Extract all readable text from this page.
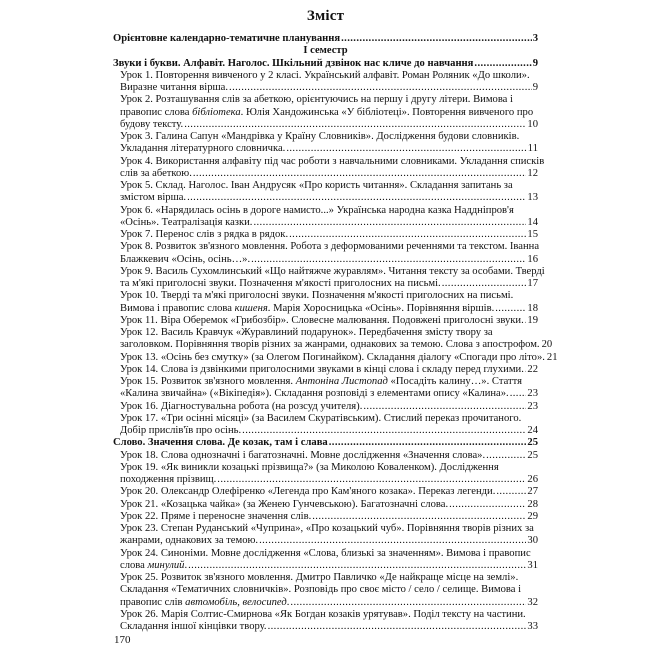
Зміст
Орієнтовне календарно-тематичне планування .....	3
I семестр
Звуки і букви. Алфавіт. Наголос. Шкільний дзвінок нас кличе до навчання .....	9
Урок 1. Повторення вивченого у 2 класі. Український алфавіт. Роман Роляник «До школи».
Виразне читання вірша. .....	9
Урок 2. Розташування слів за абеткою, орієнтуючись на першу і другу літери. Вимова і
правопис слова бібліотека. Юлія Хандожинська «У бібліотеці». Повторення вивченого про
будову тексту. .....	10
Урок 3. Галина Сапун «Мандрівка у Країну Словників». Дослідження будови словників.
Укладання літературного словничка. .....	11
Урок 4. Використання алфавіту під час роботи з навчальними словниками. Укладання списків
слів за абеткою. .....	12
Урок 5. Склад. Наголос. Іван Андрусяк «Про користь читання». Складання запитань за
змістом вірша. .....	13
Урок 6. «Нарядилась осінь в дороге намисто...» Українська народна казка Наддніпров'я
«Осінь». Театралізація казки. .....	14
Урок 7. Перенос слів з рядка в рядок. .....	15
Урок 8. Розвиток зв'язного мовлення. Робота з деформованими реченнями та текстом. Іванна
Блажкевич «Осінь, осінь…». .....	16
Урок 9. Василь Сухомлинський «Що найтяжче журавлям». Читання тексту за особами. Тверді
та м'які приголосні звуки. Позначення м'якості приголосних на письмі. .....	17
Урок 10. Тверді та м'які приголосні звуки. Позначення м'якості приголосних на письмі.
Вимова і правопис слова кишеня. Марія Хоросницька «Осінь». Порівняння віршів. .....	18
Урок 11. Віра Оберемок «Грибозбір». Словесне малювання. Подовжені приголосні звуки. ..... 19
Урок 12. Василь Кравчук «Журавлиний подарунок». Передбачення змісту твору за
заголовком. Порівняння творів різних за жанрами, однакових за темою. Слова з апострофом. 20
Урок 13. «Осінь без смутку» (за Олегом Погинайком). Складання діалогу «Спогади про літо». 21
Урок 14. Слова із дзвінкими приголосними звуками в кінці слова і складу перед глухими. ..... 22
Урок 15. Розвиток зв'язного мовлення. Антоніна Листопад «Посадіть калину…». Стаття
«Калина звичайна» («Вікіпедія»). Складання розповіді з елементами опису «Калина». ..... 23
Урок 16. Діагностувальна робота (на розсуд учителя). .....	23
Урок 17. «Три осінні місяці» (за Василем Скуратівським). Стислий переказ прочитаного.
Добір прислів'їв про осінь. .....	24
Слово. Значення слова. Де козак, там і слава .....	25
Урок 18. Слова однозначні і багатозначні. Мовне дослідження «Значення слова». .....	25
Урок 19. «Як виникли козацькі прізвища?» (за Миколою Коваленком). Дослідження
походження прізвищ. .....	26
Урок 20. Олександр Олефіренко «Легенда про Кам'яного козака». Переказ легенди. .....	27
Урок 21. «Козацька чайка» (за Женею Гунчевською). Багатозначні слова. .....	28
Урок 22. Пряме і переносне значення слів. .....	29
Урок 23. Степан Руданський «Чуприна», «Про козацький чуб». Порівняння творів різних за
жанрами, однакових за темою. .....	30
Урок 24. Синоніми. Мовне дослідження «Слова, близькі за значенням». Вимова і правопис
слова минулий. .....	31
Урок 25. Розвиток зв'язного мовлення. Дмитро Павличко «Де найкраще місце на землі».
Складання «Тематичних словничків». Розповідь про своє місто / село / селище. Вимова і
правопис слів автомобіль, велосипед. .....	32
Урок 26. Марія Солтис-Смирнова «Як Богдан козаків урятував». Поділ тексту на частини.
Складання іншої кінцівки твору. .....	33
170
